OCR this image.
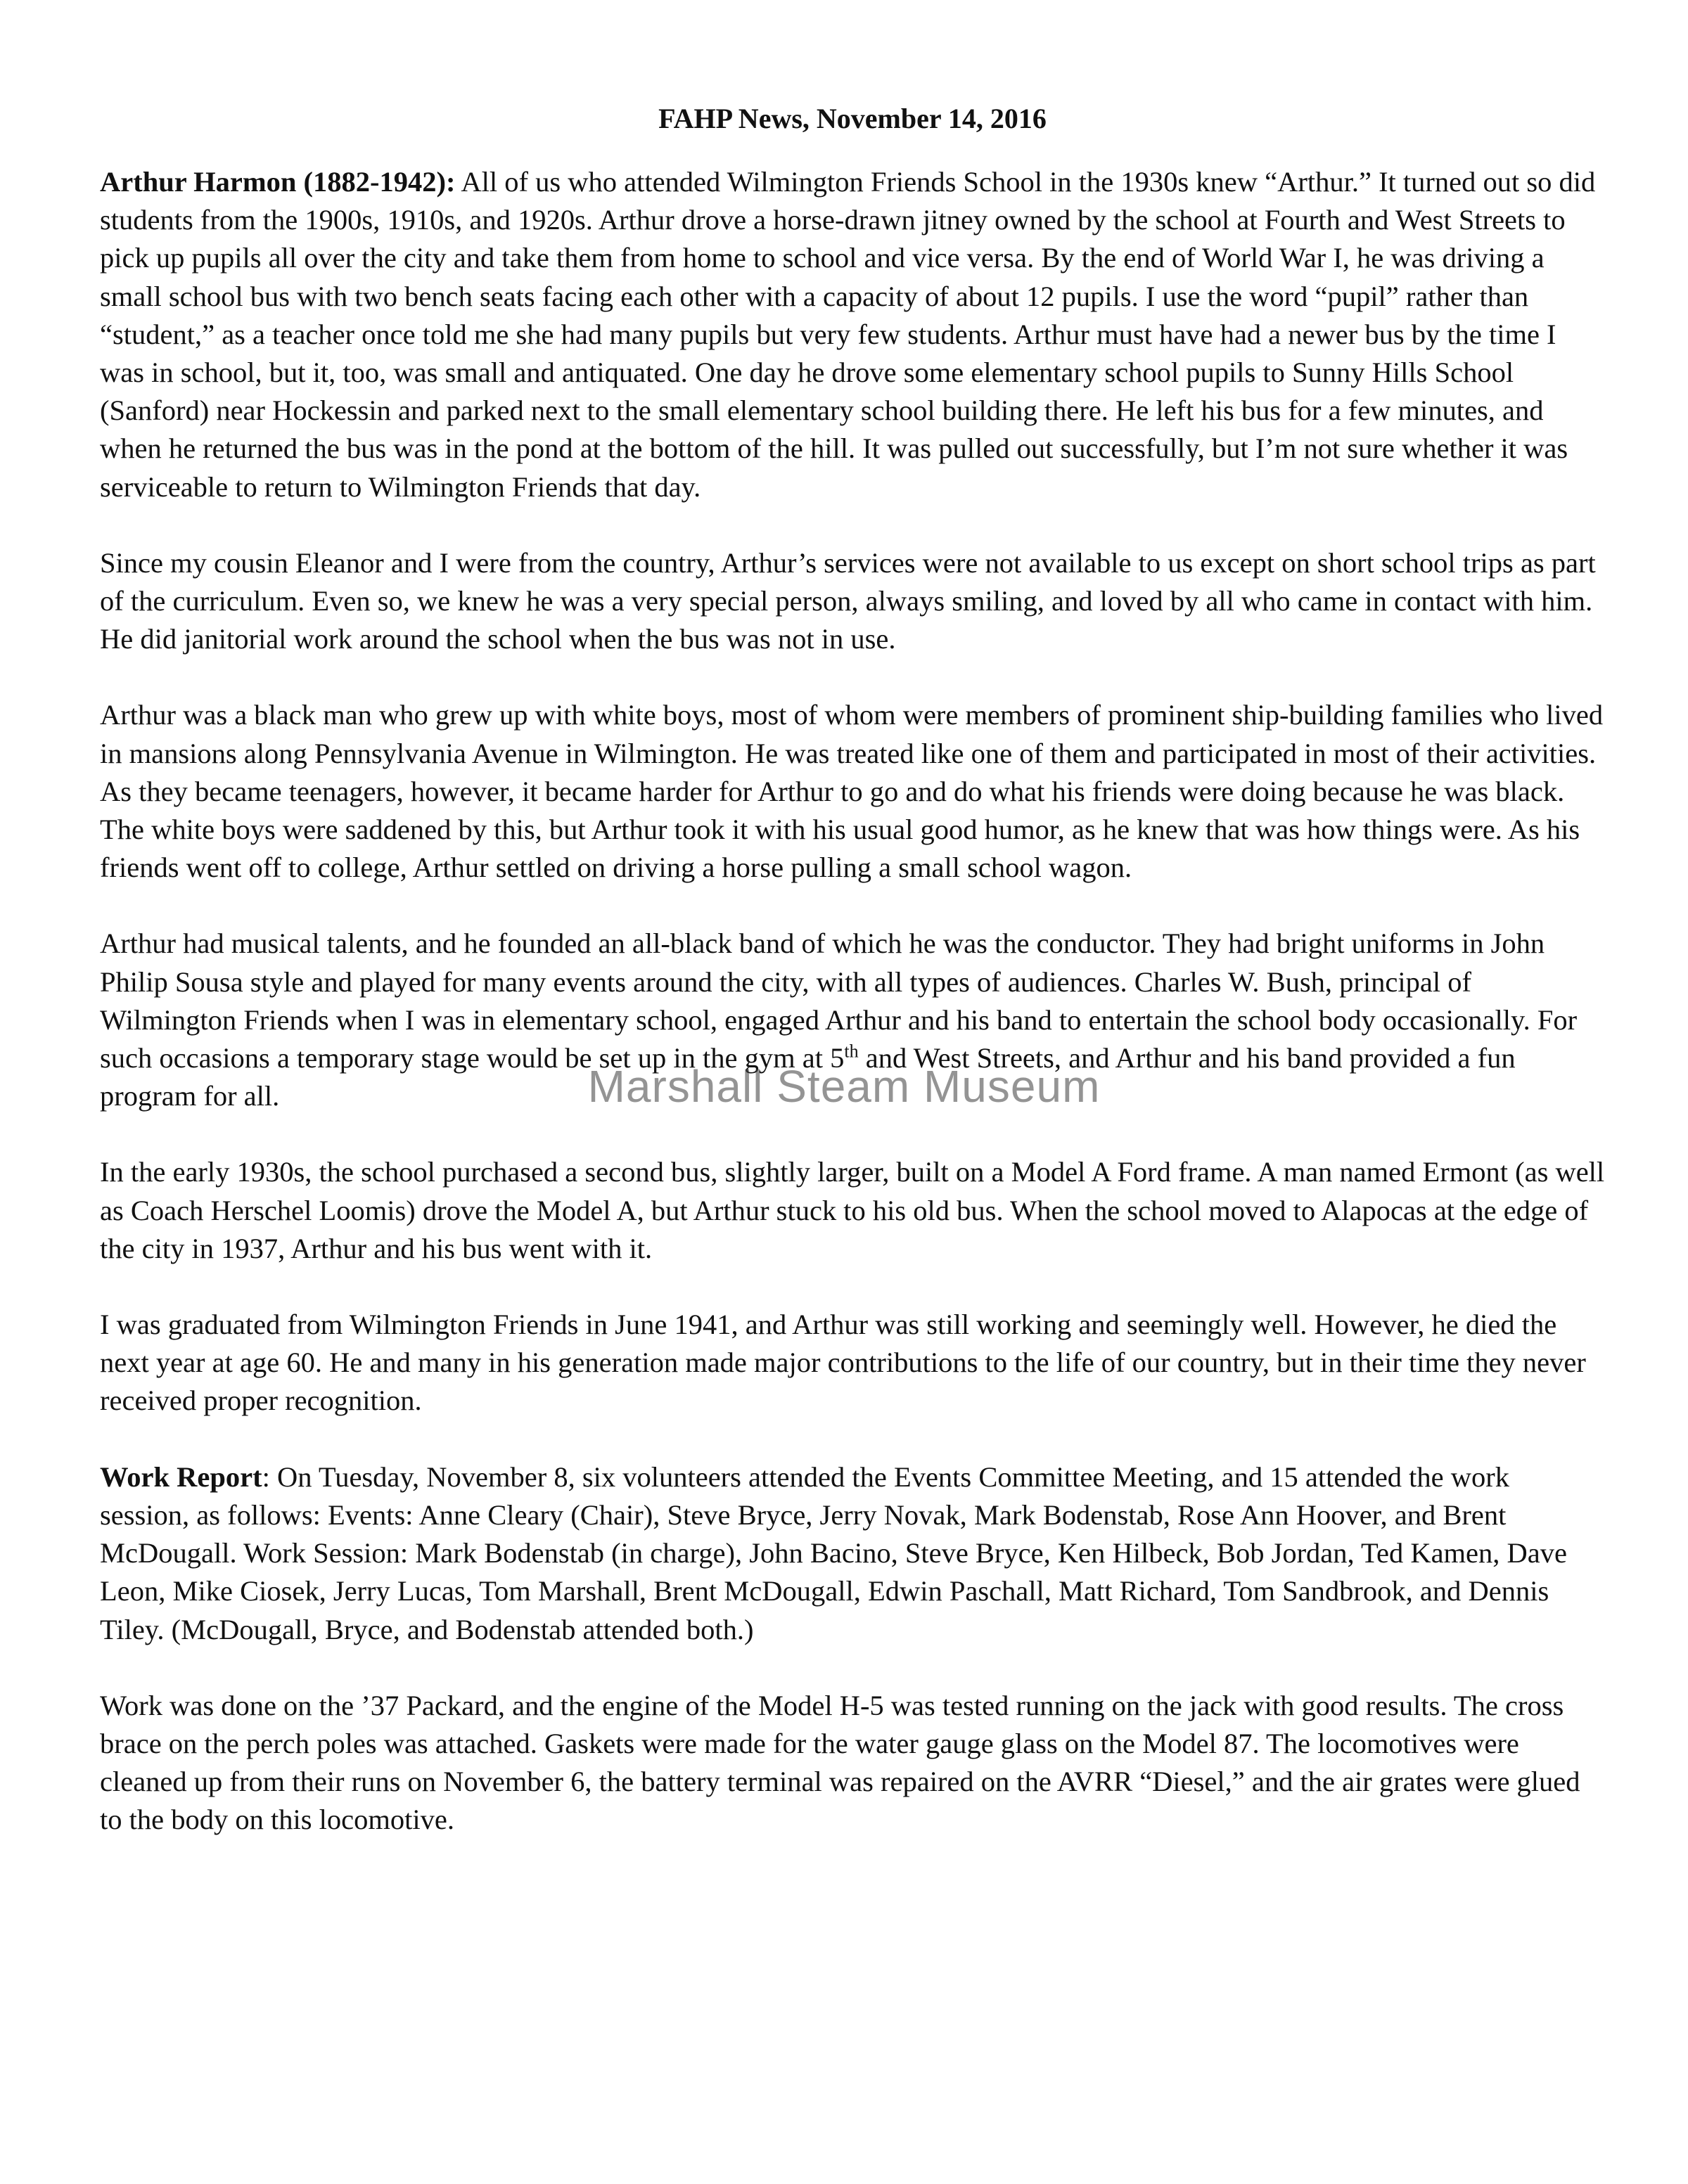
FAHP News, November 14, 2016

Arthur Harmon (1882-1942): All of us who attended Wilmington Friends School in the 1930s knew “Arthur.” It turned out so did students from the 1900s, 1910s, and 1920s. Arthur drove a horse-drawn jitney owned by the school at Fourth and West Streets to pick up pupils all over the city and take them from home to school and vice versa. By the end of World War I, he was driving a small school bus with two bench seats facing each other with a capacity of about 12 pupils. I use the word “pupil” rather than “student,” as a teacher once told me she had many pupils but very few students. Arthur must have had a newer bus by the time I was in school, but it, too, was small and antiquated. One day he drove some elementary school pupils to Sunny Hills School (Sanford) near Hockessin and parked next to the small elementary school building there. He left his bus for a few minutes, and when he returned the bus was in the pond at the bottom of the hill. It was pulled out successfully, but I’m not sure whether it was serviceable to return to Wilmington Friends that day.

Since my cousin Eleanor and I were from the country, Arthur’s services were not available to us except on short school trips as part of the curriculum. Even so, we knew he was a very special person, always smiling, and loved by all who came in contact with him. He did janitorial work around the school when the bus was not in use.

Arthur was a black man who grew up with white boys, most of whom were members of prominent ship-building families who lived in mansions along Pennsylvania Avenue in Wilmington. He was treated like one of them and participated in most of their activities. As they became teenagers, however, it became harder for Arthur to go and do what his friends were doing because he was black. The white boys were saddened by this, but Arthur took it with his usual good humor, as he knew that was how things were. As his friends went off to college, Arthur settled on driving a horse pulling a small school wagon.

Arthur had musical talents, and he founded an all-black band of which he was the conductor. They had bright uniforms in John Philip Sousa style and played for many events around the city, with all types of audiences. Charles W. Bush, principal of Wilmington Friends when I was in elementary school, engaged Arthur and his band to entertain the school body occasionally. For such occasions a temporary stage would be set up in the gym at 5th and West Streets, and Arthur and his band provided a fun program for all.

In the early 1930s, the school purchased a second bus, slightly larger, built on a Model A Ford frame. A man named Ermont (as well as Coach Herschel Loomis) drove the Model A, but Arthur stuck to his old bus. When the school moved to Alapocas at the edge of the city in 1937, Arthur and his bus went with it.

I was graduated from Wilmington Friends in June 1941, and Arthur was still working and seemingly well. However, he died the next year at age 60. He and many in his generation made major contributions to the life of our country, but in their time they never received proper recognition.

Work Report: On Tuesday, November 8, six volunteers attended the Events Committee Meeting, and 15 attended the work session, as follows: Events: Anne Cleary (Chair), Steve Bryce, Jerry Novak, Mark Bodenstab, Rose Ann Hoover, and Brent McDougall. Work Session: Mark Bodenstab (in charge), John Bacino, Steve Bryce, Ken Hilbeck, Bob Jordan, Ted Kamen, Dave Leon, Mike Ciosek, Jerry Lucas, Tom Marshall, Brent McDougall, Edwin Paschall, Matt Richard, Tom Sandbrook, and Dennis Tiley. (McDougall, Bryce, and Bodenstab attended both.)

Work was done on the ’37 Packard, and the engine of the Model H-5 was tested running on the jack with good results. The cross brace on the perch poles was attached. Gaskets were made for the water gauge glass on the Model 87. The locomotives were cleaned up from their runs on November 6, the battery terminal was repaired on the AVRR “Diesel,” and the air grates were glued to the body on this locomotive.

Marshall Steam Museum
